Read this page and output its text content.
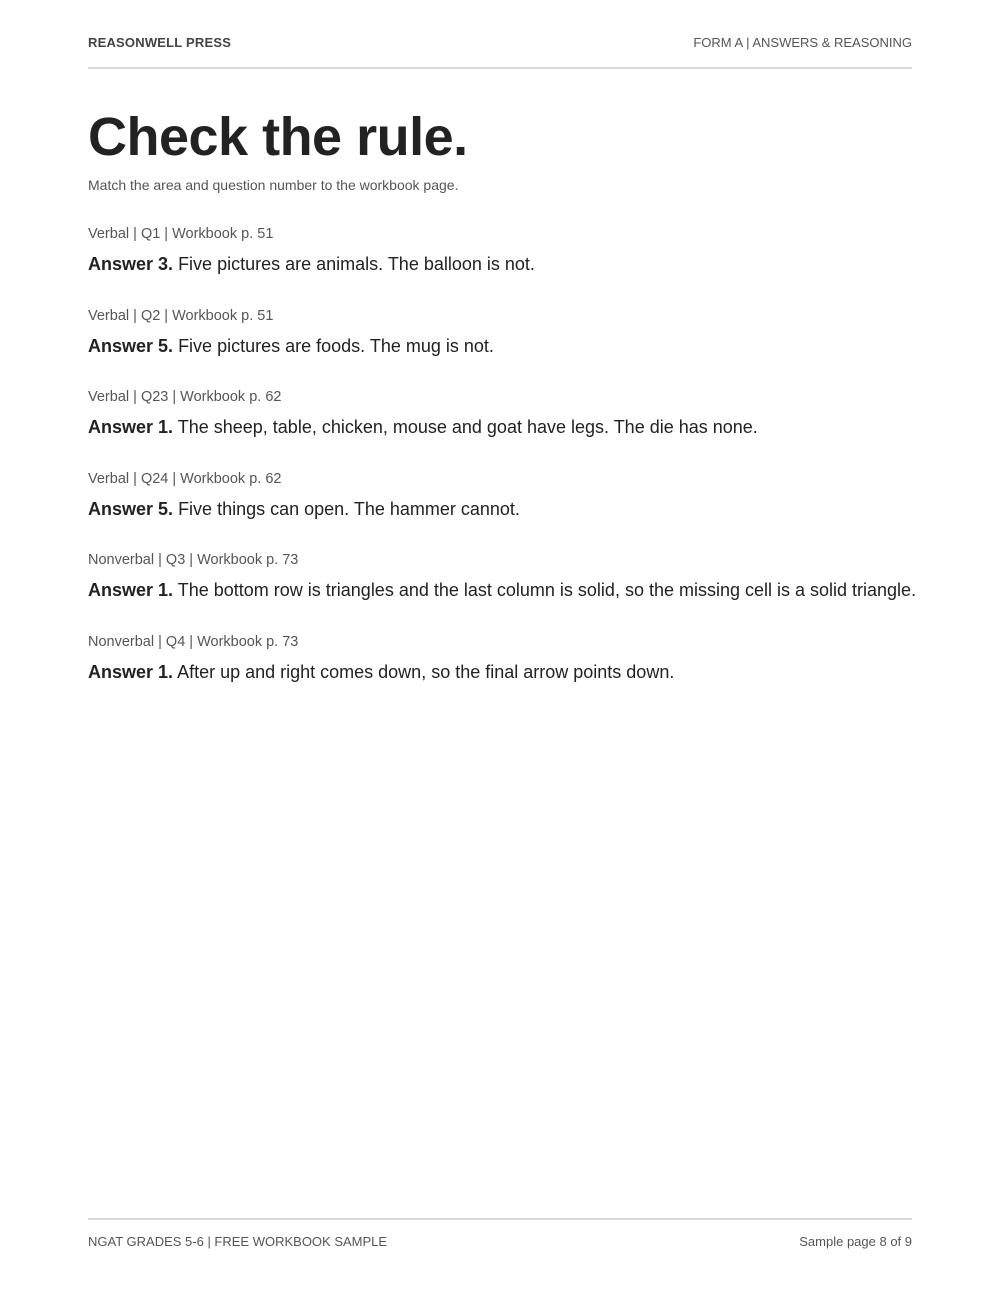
REASONWELL PRESS	FORM A | ANSWERS & REASONING
Check the rule.
Match the area and question number to the workbook page.
Verbal | Q1 | Workbook p. 51
Answer 3. Five pictures are animals. The balloon is not.
Verbal | Q2 | Workbook p. 51
Answer 5. Five pictures are foods. The mug is not.
Verbal | Q23 | Workbook p. 62
Answer 1. The sheep, table, chicken, mouse and goat have legs. The die has none.
Verbal | Q24 | Workbook p. 62
Answer 5. Five things can open. The hammer cannot.
Nonverbal | Q3 | Workbook p. 73
Answer 1. The bottom row is triangles and the last column is solid, so the missing cell is a solid triangle.
Nonverbal | Q4 | Workbook p. 73
Answer 1. After up and right comes down, so the final arrow points down.
NGAT GRADES 5-6 | FREE WORKBOOK SAMPLE	Sample page 8 of 9
